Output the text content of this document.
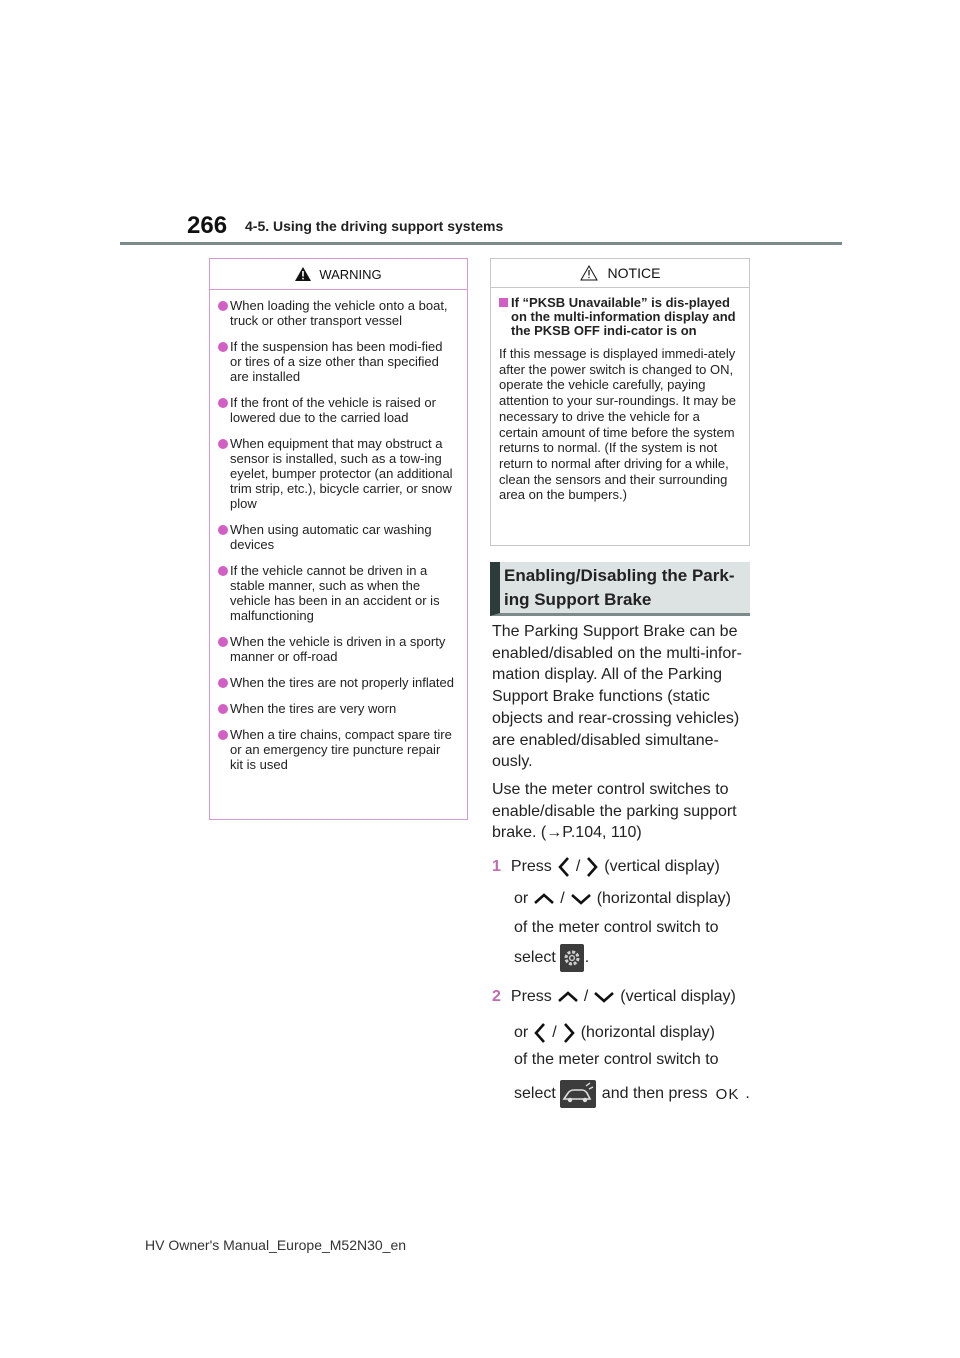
266 4-5. Using the driving support systems
WARNING
When loading the vehicle onto a boat, truck or other transport vessel
If the suspension has been modi-fied or tires of a size other than specified are installed
If the front of the vehicle is raised or lowered due to the carried load
When equipment that may obstruct a sensor is installed, such as a tow-ing eyelet, bumper protector (an additional trim strip, etc.), bicycle carrier, or snow plow
When using automatic car washing devices
If the vehicle cannot be driven in a stable manner, such as when the vehicle has been in an accident or is malfunctioning
When the vehicle is driven in a sporty manner or off-road
When the tires are not properly inflated
When the tires are very worn
When a tire chains, compact spare tire or an emergency tire puncture repair kit is used
NOTICE
If “PKSB Unavailable” is dis-played on the multi-information display and the PKSB OFF indi-cator is on
If this message is displayed immedi-ately after the power switch is changed to ON, operate the vehicle carefully, paying attention to your sur-roundings. It may be necessary to drive the vehicle for a certain amount of time before the system returns to normal. (If the system is not return to normal after driving for a while, clean the sensors and their surrounding area on the bumpers.)
Enabling/Disabling the Park-
ing Support Brake
The Parking Support Brake can be enabled/disabled on the multi-infor-mation display. All of the Parking Support Brake functions (static objects and rear-crossing vehicles) are enabled/disabled simultane-ously.
Use the meter control switches to enable/disable the parking support brake. (→P.104, 110)
1 Press / (vertical display)
or / (horizontal display)
of the meter control switch to
select .
2 Press / (vertical display)
or / (horizontal display)
of the meter control switch to
select	and then press OK .
HV Owner's Manual_Europe_M52N30_en
